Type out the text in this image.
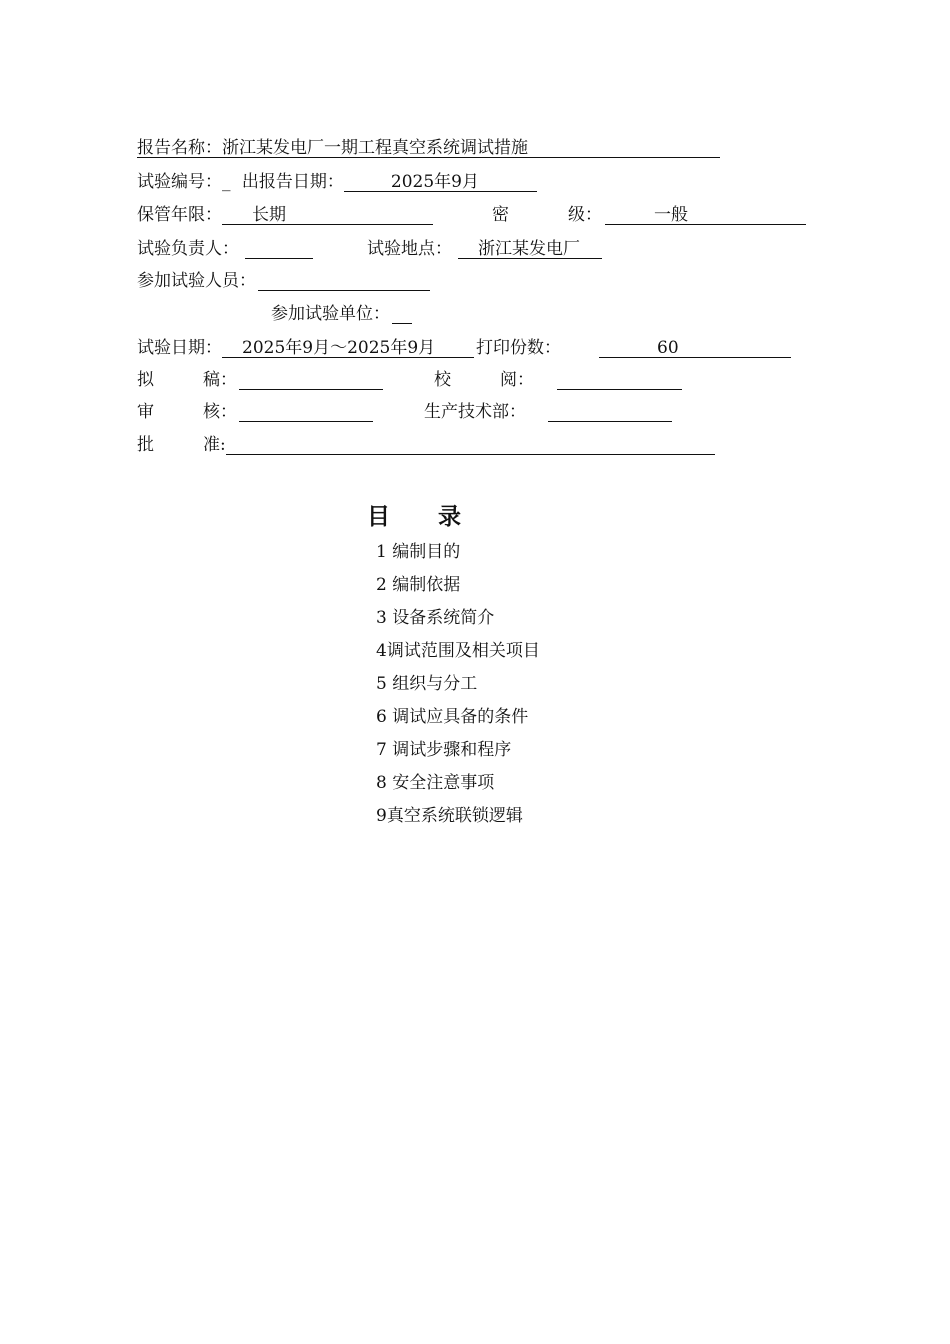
报告名称：浙江某发电厂一期工程真空系统调试措施
试验编号：_ 出报告日期：	2025年9月
保管年限： 长期	密	级：	一般
试验负责人：	试验地点： 浙江某发电厂
参加试验人员：
参加试验单位：
试验日期： 2025年9月～2025年9月 打印份数：	60
拟	稿：	校	阅：
审	核：	生产技术部：
批	准:
目 录
1 编制目的
2 编制依据
3 设备系统简介
4调试范围及相关项目
5 组织与分工
6 调试应具备的条件
7 调试步骤和程序
8 安全注意事项
9真空系统联锁逻辑
